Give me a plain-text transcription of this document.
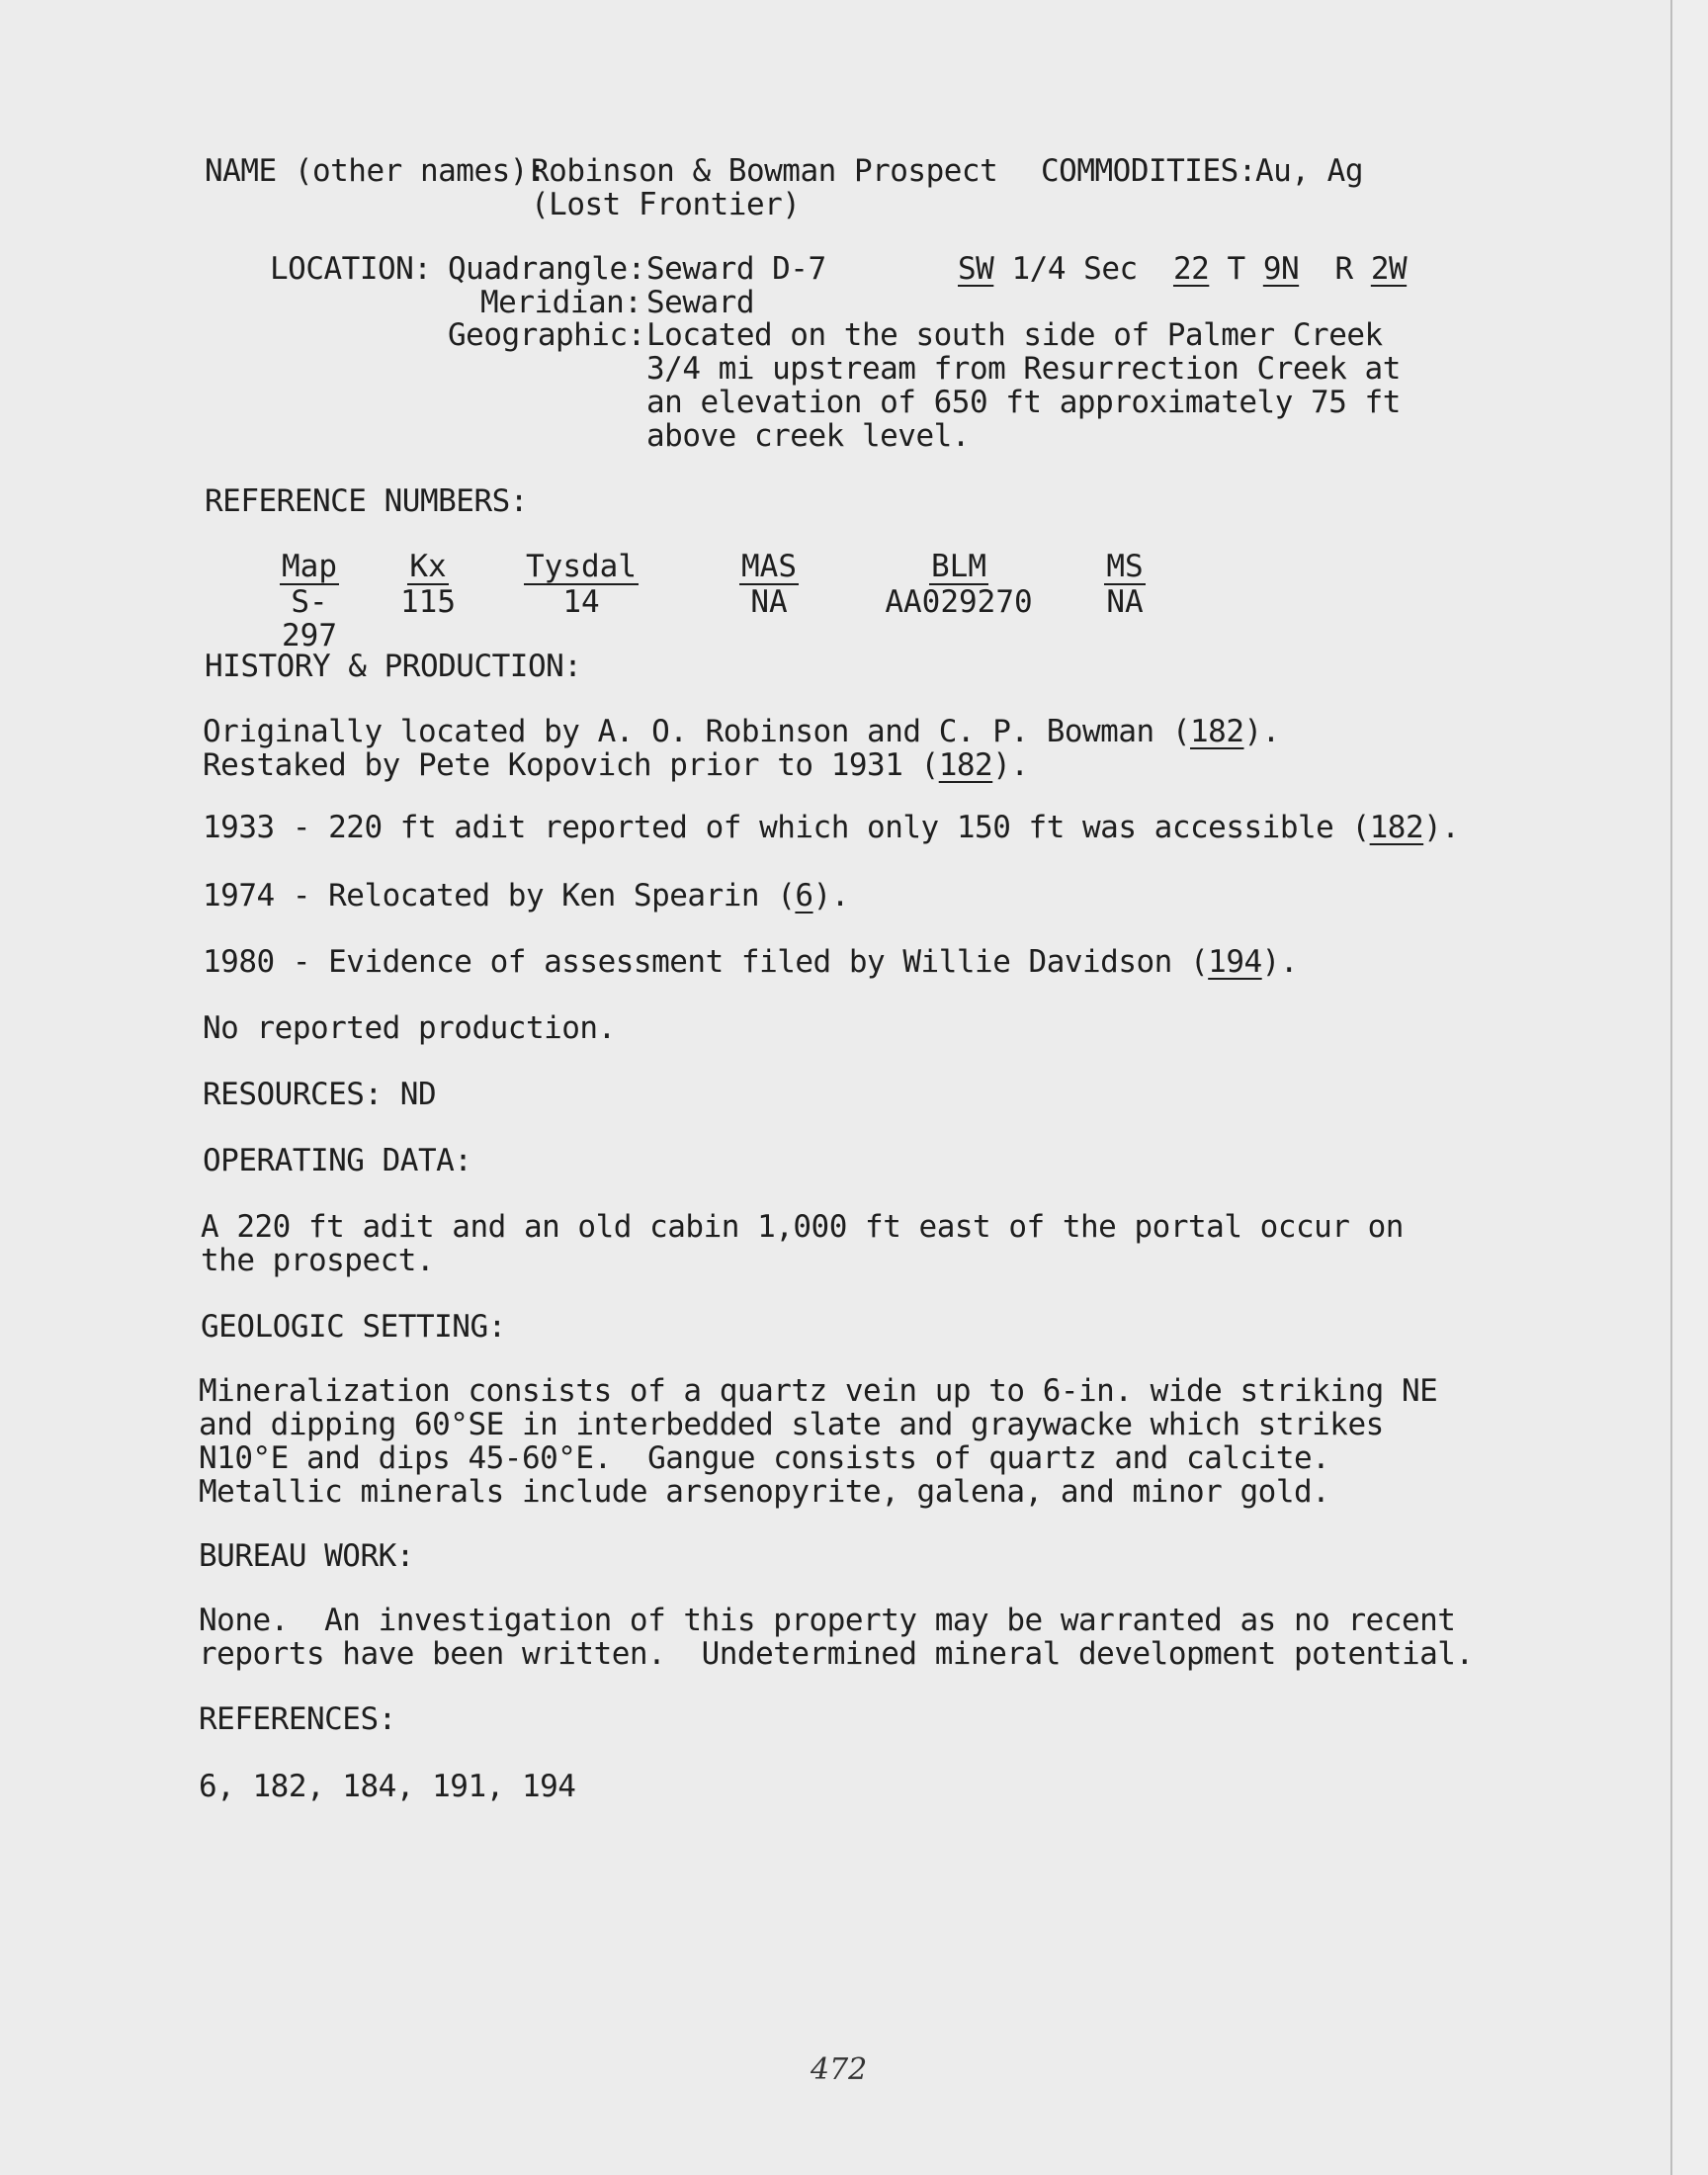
NAME (other names):
Robinson & Bowman Prospect
(Lost Frontier)
COMMODITIES: Au, Ag
LOCATION: Quadrangle: Seward D-7	SW 1/4 Sec 22 T 9N R 2W
Meridian: Seward
Geographic: Located on the south side of Palmer Creek
3/4 mi upstream from Resurrection Creek at
an elevation of 650 ft approximately 75 ft
above creek level.
REFERENCE NUMBERS:
Map
S-297
Kx
115
Tysdal
14
MAS
NA
BLM
AA029270
MS
NA
HISTORY & PRODUCTION:
Originally located by A. O. Robinson and C. P. Bowman (182).
Restaked by Pete Kopovich prior to 1931 (182).
1933 - 220 ft adit reported of which only 150 ft was accessible (182).
1974 - Relocated by Ken Spearin (6).
1980 - Evidence of assessment filed by Willie Davidson (194).
No reported production.
RESOURCES: ND
OPERATING DATA:
A 220 ft adit and an old cabin 1,000 ft east of the portal occur on
the prospect.
GEOLOGIC SETTING:
Mineralization consists of a quartz vein up to 6-in. wide striking NE
and dipping 60°SE in interbedded slate and graywacke which strikes
N10°E and dips 45-60°E.  Gangue consists of quartz and calcite.
Metallic minerals include arsenopyrite, galena, and minor gold.
BUREAU WORK:
None.  An investigation of this property may be warranted as no recent
reports have been written.  Undetermined mineral development potential.
REFERENCES:
6, 182, 184, 191, 194
472
